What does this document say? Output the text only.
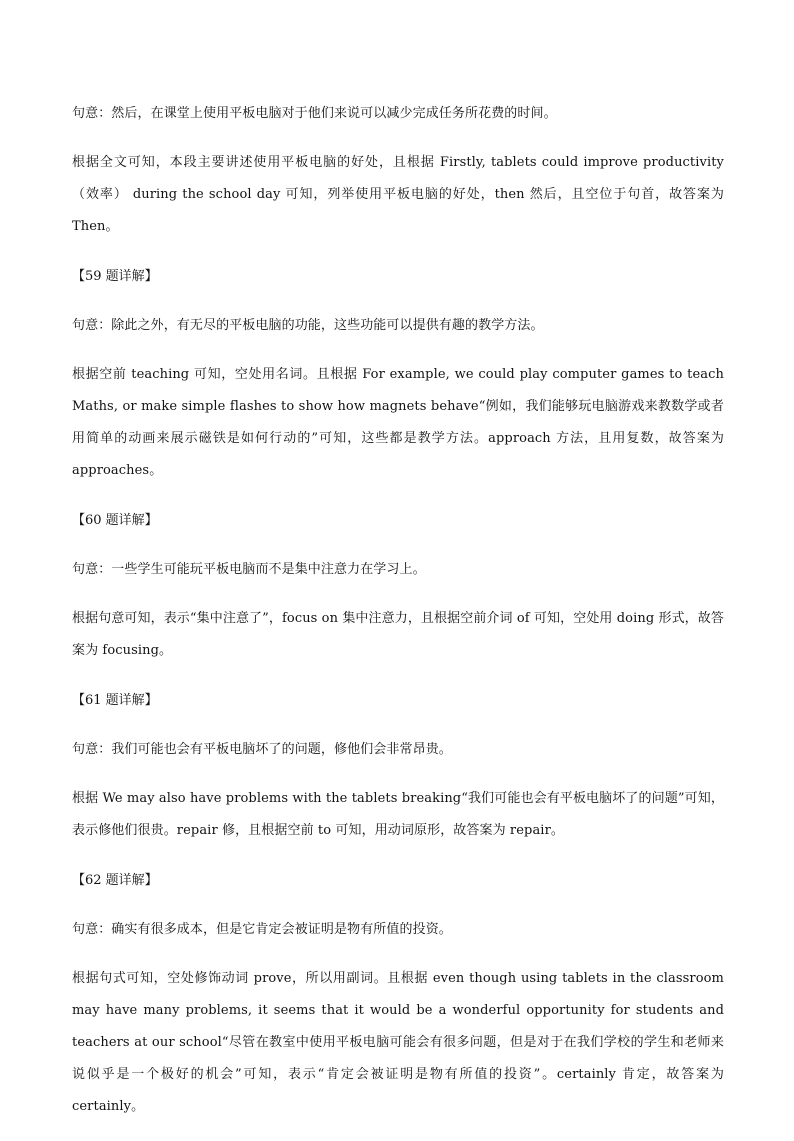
句意：然后，在课堂上使用平板电脑对于他们来说可以减少完成任务所花费的时间。

根据全文可知，本段主要讲述使用平板电脑的好处，且根据 Firstly, tablets could improve productivity （效率） during the school day 可知，列举使用平板电脑的好处，then 然后，且空位于句首，故答案为 Then。

【59 题详解】

句意：除此之外，有无尽的平板电脑的功能，这些功能可以提供有趣的教学方法。

根据空前 teaching 可知，空处用名词。且根据 For example, we could play computer games to teach Maths, or make simple flashes to show how magnets behave“例如，我们能够玩电脑游戏来教数学或者用简单的动画来展示磁铁是如何行动的”可知，这些都是教学方法。approach 方法，且用复数，故答案为 approaches。

【60 题详解】

句意：一些学生可能玩平板电脑而不是集中注意力在学习上。

根据句意可知，表示“集中注意了”，focus on 集中注意力，且根据空前介词 of 可知，空处用 doing 形式，故答案为 focusing。

【61 题详解】

句意：我们可能也会有平板电脑坏了的问题，修他们会非常昂贵。

根据 We may also have problems with the tablets breaking“我们可能也会有平板电脑坏了的问题”可知，表示修他们很贵。repair 修，且根据空前 to 可知，用动词原形，故答案为 repair。

【62 题详解】

句意：确实有很多成本，但是它肯定会被证明是物有所值的投资。

根据句式可知，空处修饰动词 prove，所以用副词。且根据 even though using tablets in the classroom may have many problems, it seems that it would be a wonderful opportunity for students and teachers at our school“尽管在教室中使用平板电脑可能会有很多问题，但是对于在我们学校的学生和老师来说似乎是一个极好的机会”可知，表示“肯定会被证明是物有所值的投资”。certainly 肯定，故答案为 certainly。
